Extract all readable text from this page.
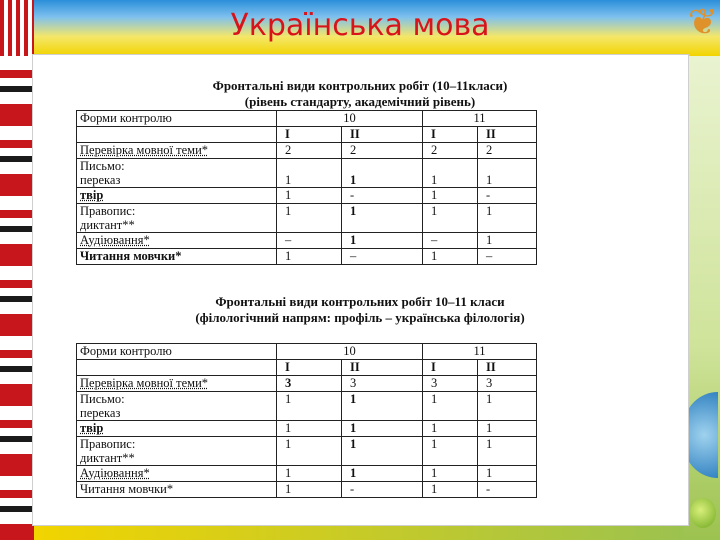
❦
Українська мова
Фронтальні види контрольних робіт (10–11класи)
(рівень стандарту, академічний рівень)
Форми контролю	10		11	
	I	II	I	II
Перевірка мовної теми*	2	2	2	2

Письмо:
переказ	1	1	1	1
твір	1	-	1	-

Правопис:
диктант**	1	1	1	1
Аудіювання*	–	1	–	1
Читання мовчки*	1	–	1	–
Фронтальні види контрольних робіт 10–11 класи
(філологічний напрям: профіль – українська філологія)
Форми контролю	10		11	
	I	II	I	II
Перевірка мовної теми*	3	3	3	3

Письмо:
переказ	1	1	1	1
твір	1	1	1	1

Правопис:
диктант**	1	1	1	1
Аудіювання*	1	1	1	1
Читання мовчки*	1	-	1	-
